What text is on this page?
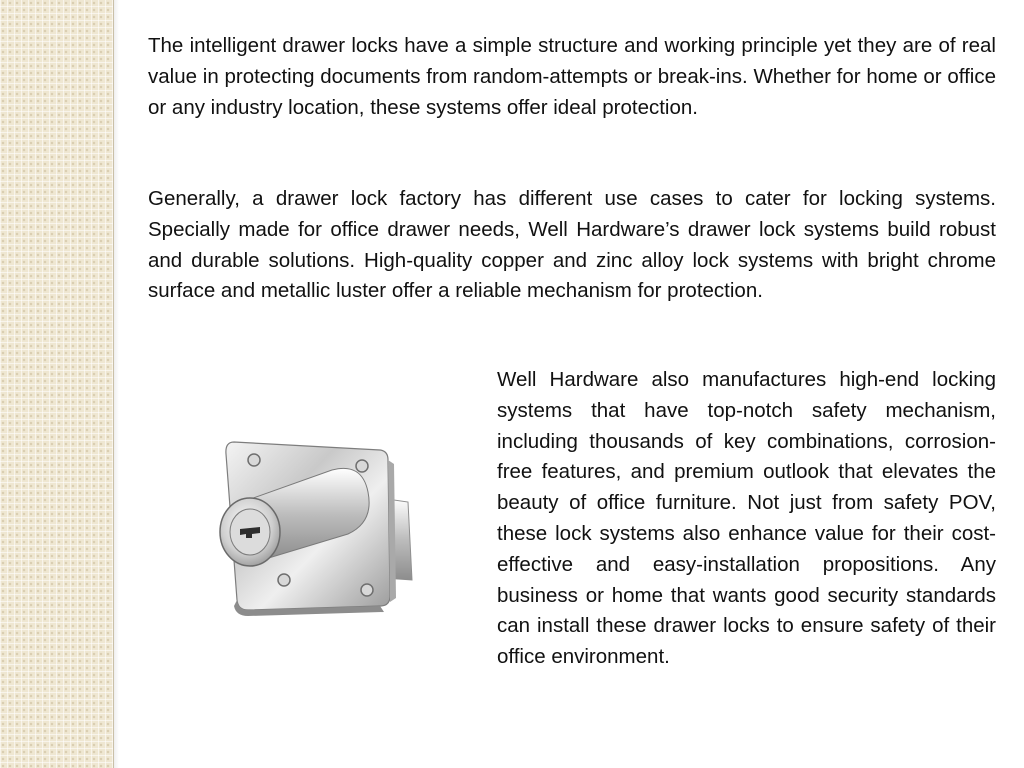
The intelligent drawer locks have a simple structure and working principle yet they are of real value in protecting documents from random-attempts or break-ins. Whether for home or office or any industry location, these systems offer ideal protection.

Generally, a drawer lock factory has different use cases to cater for locking systems. Specially made for office drawer needs, Well Hardware’s drawer lock systems build robust and durable solutions. High-quality copper and zinc alloy lock systems with bright chrome surface and metallic luster offer a reliable mechanism for protection.

Well Hardware also manufactures high-end locking systems that have top-notch safety mechanism, including thousands of key combinations, corrosion-free features, and premium outlook that elevates the beauty of office furniture. Not just from safety POV, these lock systems also enhance value for their cost-effective and easy-installation propositions. Any business or home that wants good security standards can install these drawer locks to ensure safety of their office environment.
